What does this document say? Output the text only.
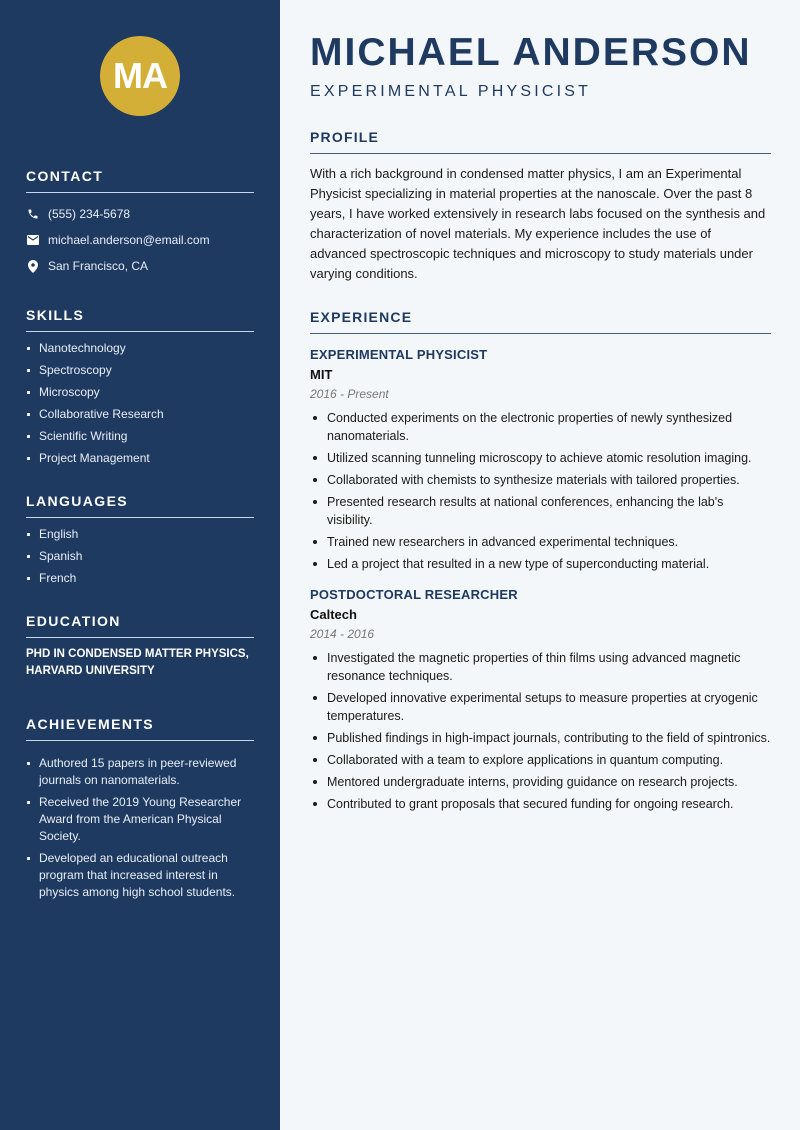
MA
CONTACT
(555) 234-5678
michael.anderson@email.com
San Francisco, CA
SKILLS
Nanotechnology
Spectroscopy
Microscopy
Collaborative Research
Scientific Writing
Project Management
LANGUAGES
English
Spanish
French
EDUCATION

PHD IN CONDENSED MATTER PHYSICS, HARVARD UNIVERSITY

ACHIEVEMENTS
Authored 15 papers in peer-reviewed journals on nanomaterials.
Received the 2019 Young Researcher Award from the American Physical Society.
Developed an educational outreach program that increased interest in physics among high school students.
MICHAEL ANDERSON
EXPERIMENTAL PHYSICIST
PROFILE

With a rich background in condensed matter physics, I am an Experimental Physicist specializing in material properties at the nanoscale. Over the past 8 years, I have worked extensively in research labs focused on the synthesis and characterization of novel materials. My experience includes the use of advanced spectroscopic techniques and microscopy to study materials under varying conditions.

EXPERIENCE
EXPERIMENTAL PHYSICIST
MIT
2016 - Present
Conducted experiments on the electronic properties of newly synthesized nanomaterials.
Utilized scanning tunneling microscopy to achieve atomic resolution imaging.
Collaborated with chemists to synthesize materials with tailored properties.
Presented research results at national conferences, enhancing the lab's visibility.
Trained new researchers in advanced experimental techniques.
Led a project that resulted in a new type of superconducting material.
POSTDOCTORAL RESEARCHER
Caltech
2014 - 2016
Investigated the magnetic properties of thin films using advanced magnetic resonance techniques.
Developed innovative experimental setups to measure properties at cryogenic temperatures.
Published findings in high-impact journals, contributing to the field of spintronics.
Collaborated with a team to explore applications in quantum computing.
Mentored undergraduate interns, providing guidance on research projects.
Contributed to grant proposals that secured funding for ongoing research.
